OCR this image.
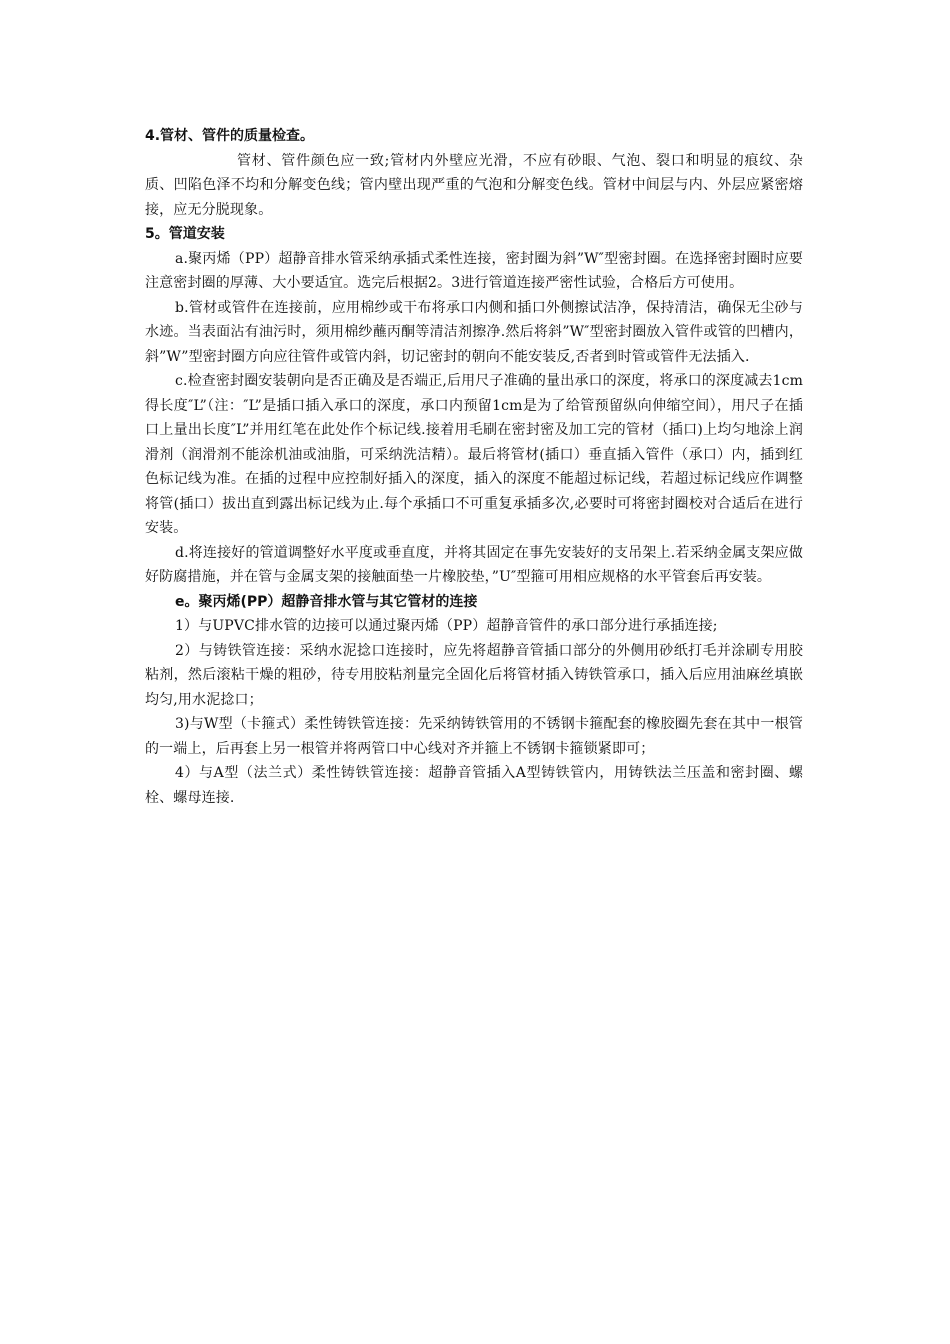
4.管材、管件的质量检查。

管材、管件颜色应一致;管材内外壁应光滑，不应有砂眼、气泡、裂口和明显的痕纹、杂质、凹陷色泽不均和分解变色线；管内壁出现严重的气泡和分解变色线。管材中间层与内、外层应紧密熔接，应无分脱现象。

5。管道安装

a.聚丙烯（PP）超静音排水管采纳承插式柔性连接，密封圈为斜”W″型密封圈。在选择密封圈时应要注意密封圈的厚薄、大小要适宜。选完后根据2。3进行管道连接严密性试验，合格后方可使用。

b.管材或管件在连接前，应用棉纱或干布将承口内侧和插口外侧擦试洁净，保持清洁，确保无尘砂与水迹。当表面沾有油污时，须用棉纱蘸丙酮等清洁剂擦净.然后将斜”W″型密封圈放入管件或管的凹槽内，斜”W”型密封圈方向应往管件或管内斜，切记密封的朝向不能安装反,否者到时管或管件无法插入.

c.检查密封圈安装朝向是否正确及是否端正,后用尺子准确的量出承口的深度，将承口的深度减去1cm得长度″L”（注：″L”是插口插入承口的深度，承口内预留1cm是为了给管预留纵向伸缩空间），用尺子在插口上量出长度″L”并用红笔在此处作个标记线.接着用毛刷在密封密及加工完的管材（插口)上均匀地涂上润滑剂（润滑剂不能涂机油或油脂，可采纳洗洁精）。最后将管材(插口）垂直插入管件（承口）内，插到红色标记线为准。在插的过程中应控制好插入的深度，插入的深度不能超过标记线，若超过标记线应作调整将管(插口）拔出直到露出标记线为止.每个承插口不可重复承插多次,必要时可将密封圈校对合适后在进行安装。

d.将连接好的管道调整好水平度或垂直度，并将其固定在事先安装好的支吊架上.若采纳金属支架应做好防腐措施，并在管与金属支架的接触面垫一片橡胶垫，”U″型箍可用相应规格的水平管套后再安装。

e。聚丙烯(PP）超静音排水管与其它管材的连接

1）与UPVC排水管的边接可以通过聚丙烯（PP）超静音管件的承口部分进行承插连接;

2）与铸铁管连接：采纳水泥捻口连接时，应先将超静音管插口部分的外侧用砂纸打毛并涂刷专用胶粘剂，然后滚粘干燥的粗砂，待专用胶粘剂量完全固化后将管材插入铸铁管承口，插入后应用油麻丝填嵌均匀,用水泥捻口；

3)与W型（卡箍式）柔性铸铁管连接：先采纳铸铁管用的不锈钢卡箍配套的橡胶圈先套在其中一根管的一端上，后再套上另一根管并将两管口中心线对齐并箍上不锈钢卡箍锁紧即可；

4）与A型（法兰式）柔性铸铁管连接：超静音管插入A型铸铁管内，用铸铁法兰压盖和密封圈、螺栓、螺母连接.
